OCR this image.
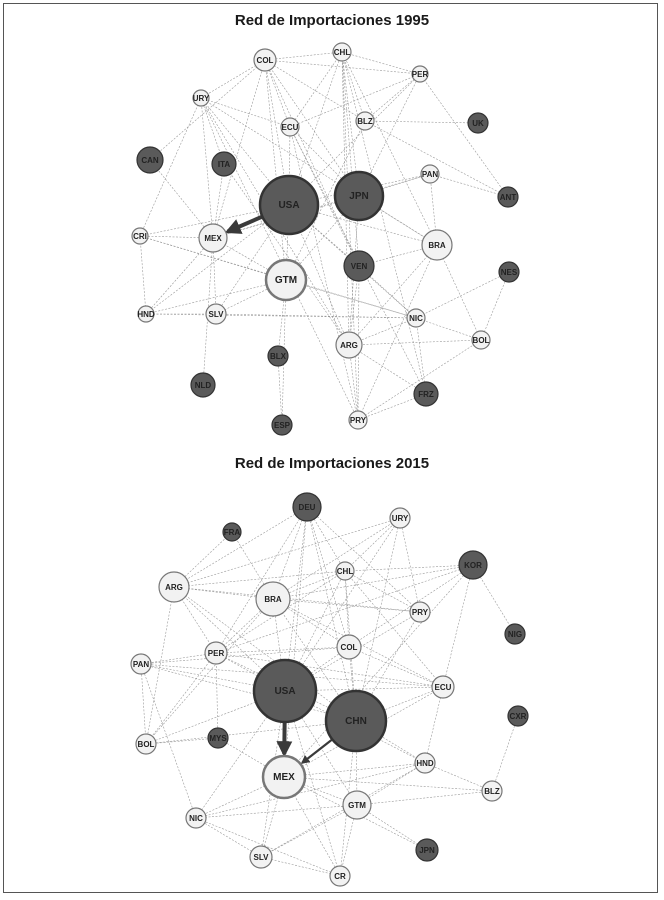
Red de Importaciones 1995
Red de Importaciones 2015
COL
CHL
PER
URY
ECU
BLZ	UK
CAN	ITA
USA
JPN
PAN
ANT
CRI	MEX
BRA
GTM
VEN
NES
HND	SLV	NIC
BOL
ARG
BLX
NLD
FRZ
ESP
PRY
DEU
URY
FRA
KOR
CHL
ARG
BRA
PRY
NIG
PER
COL
PAN
USA	ECU
CHN	CXR
BOL
MYS
HND
MEX
BLZ
GTM
NIC
JPN
SLV
CR
